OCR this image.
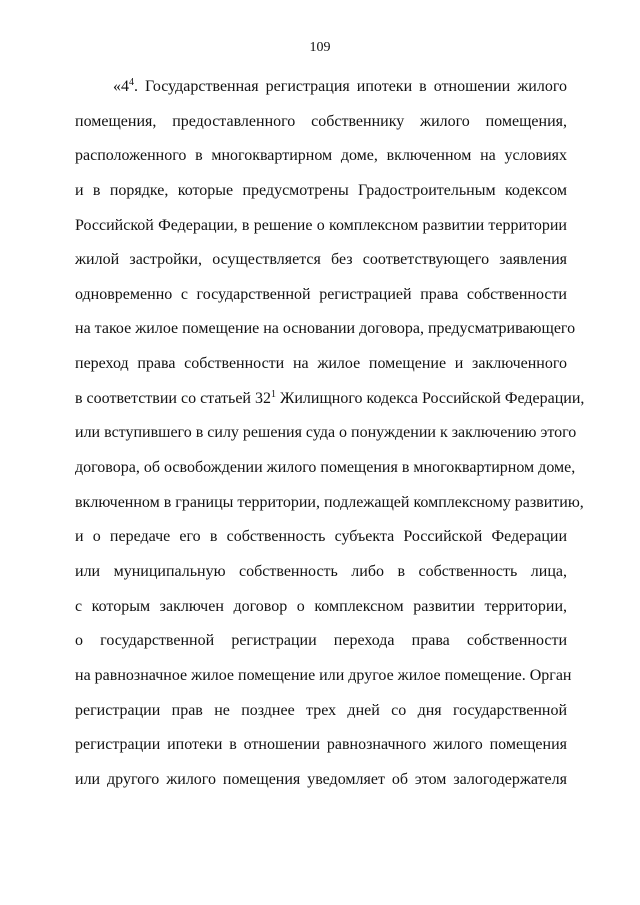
109
«$4^4$. Государственная регистрация ипотеки в отношении жилого
помещения, предоставленного собственнику жилого помещения,
расположенного в многоквартирном доме, включенном на условиях
и в порядке, которые предусмотрены Градостроительным кодексом
Российской Федерации, в решение о комплексном развитии территории
жилой застройки, осуществляется без соответствующего заявления
одновременно с государственной регистрацией права собственности
на такое жилое помещение на основании договора, предусматривающего
переход права собственности на жилое помещение и заключенного
в соответствии со статьей $32^1$ Жилищного кодекса Российской Федерации,
или вступившего в силу решения суда о понуждении к заключению этого
договора, об освобождении жилого помещения в многоквартирном доме,
включенном в границы территории, подлежащей комплексному развитию,
и о передаче его в собственность субъекта Российской Федерации
или муниципальную собственность либо в собственность лица,
с которым заключен договор о комплексном развитии территории,
о государственной регистрации перехода права собственности
на равнозначное жилое помещение или другое жилое помещение. Орган
регистрации прав не позднее трех дней со дня государственной
регистрации ипотеки в отношении равнозначного жилого помещения
или другого жилого помещения уведомляет об этом залогодержателя
